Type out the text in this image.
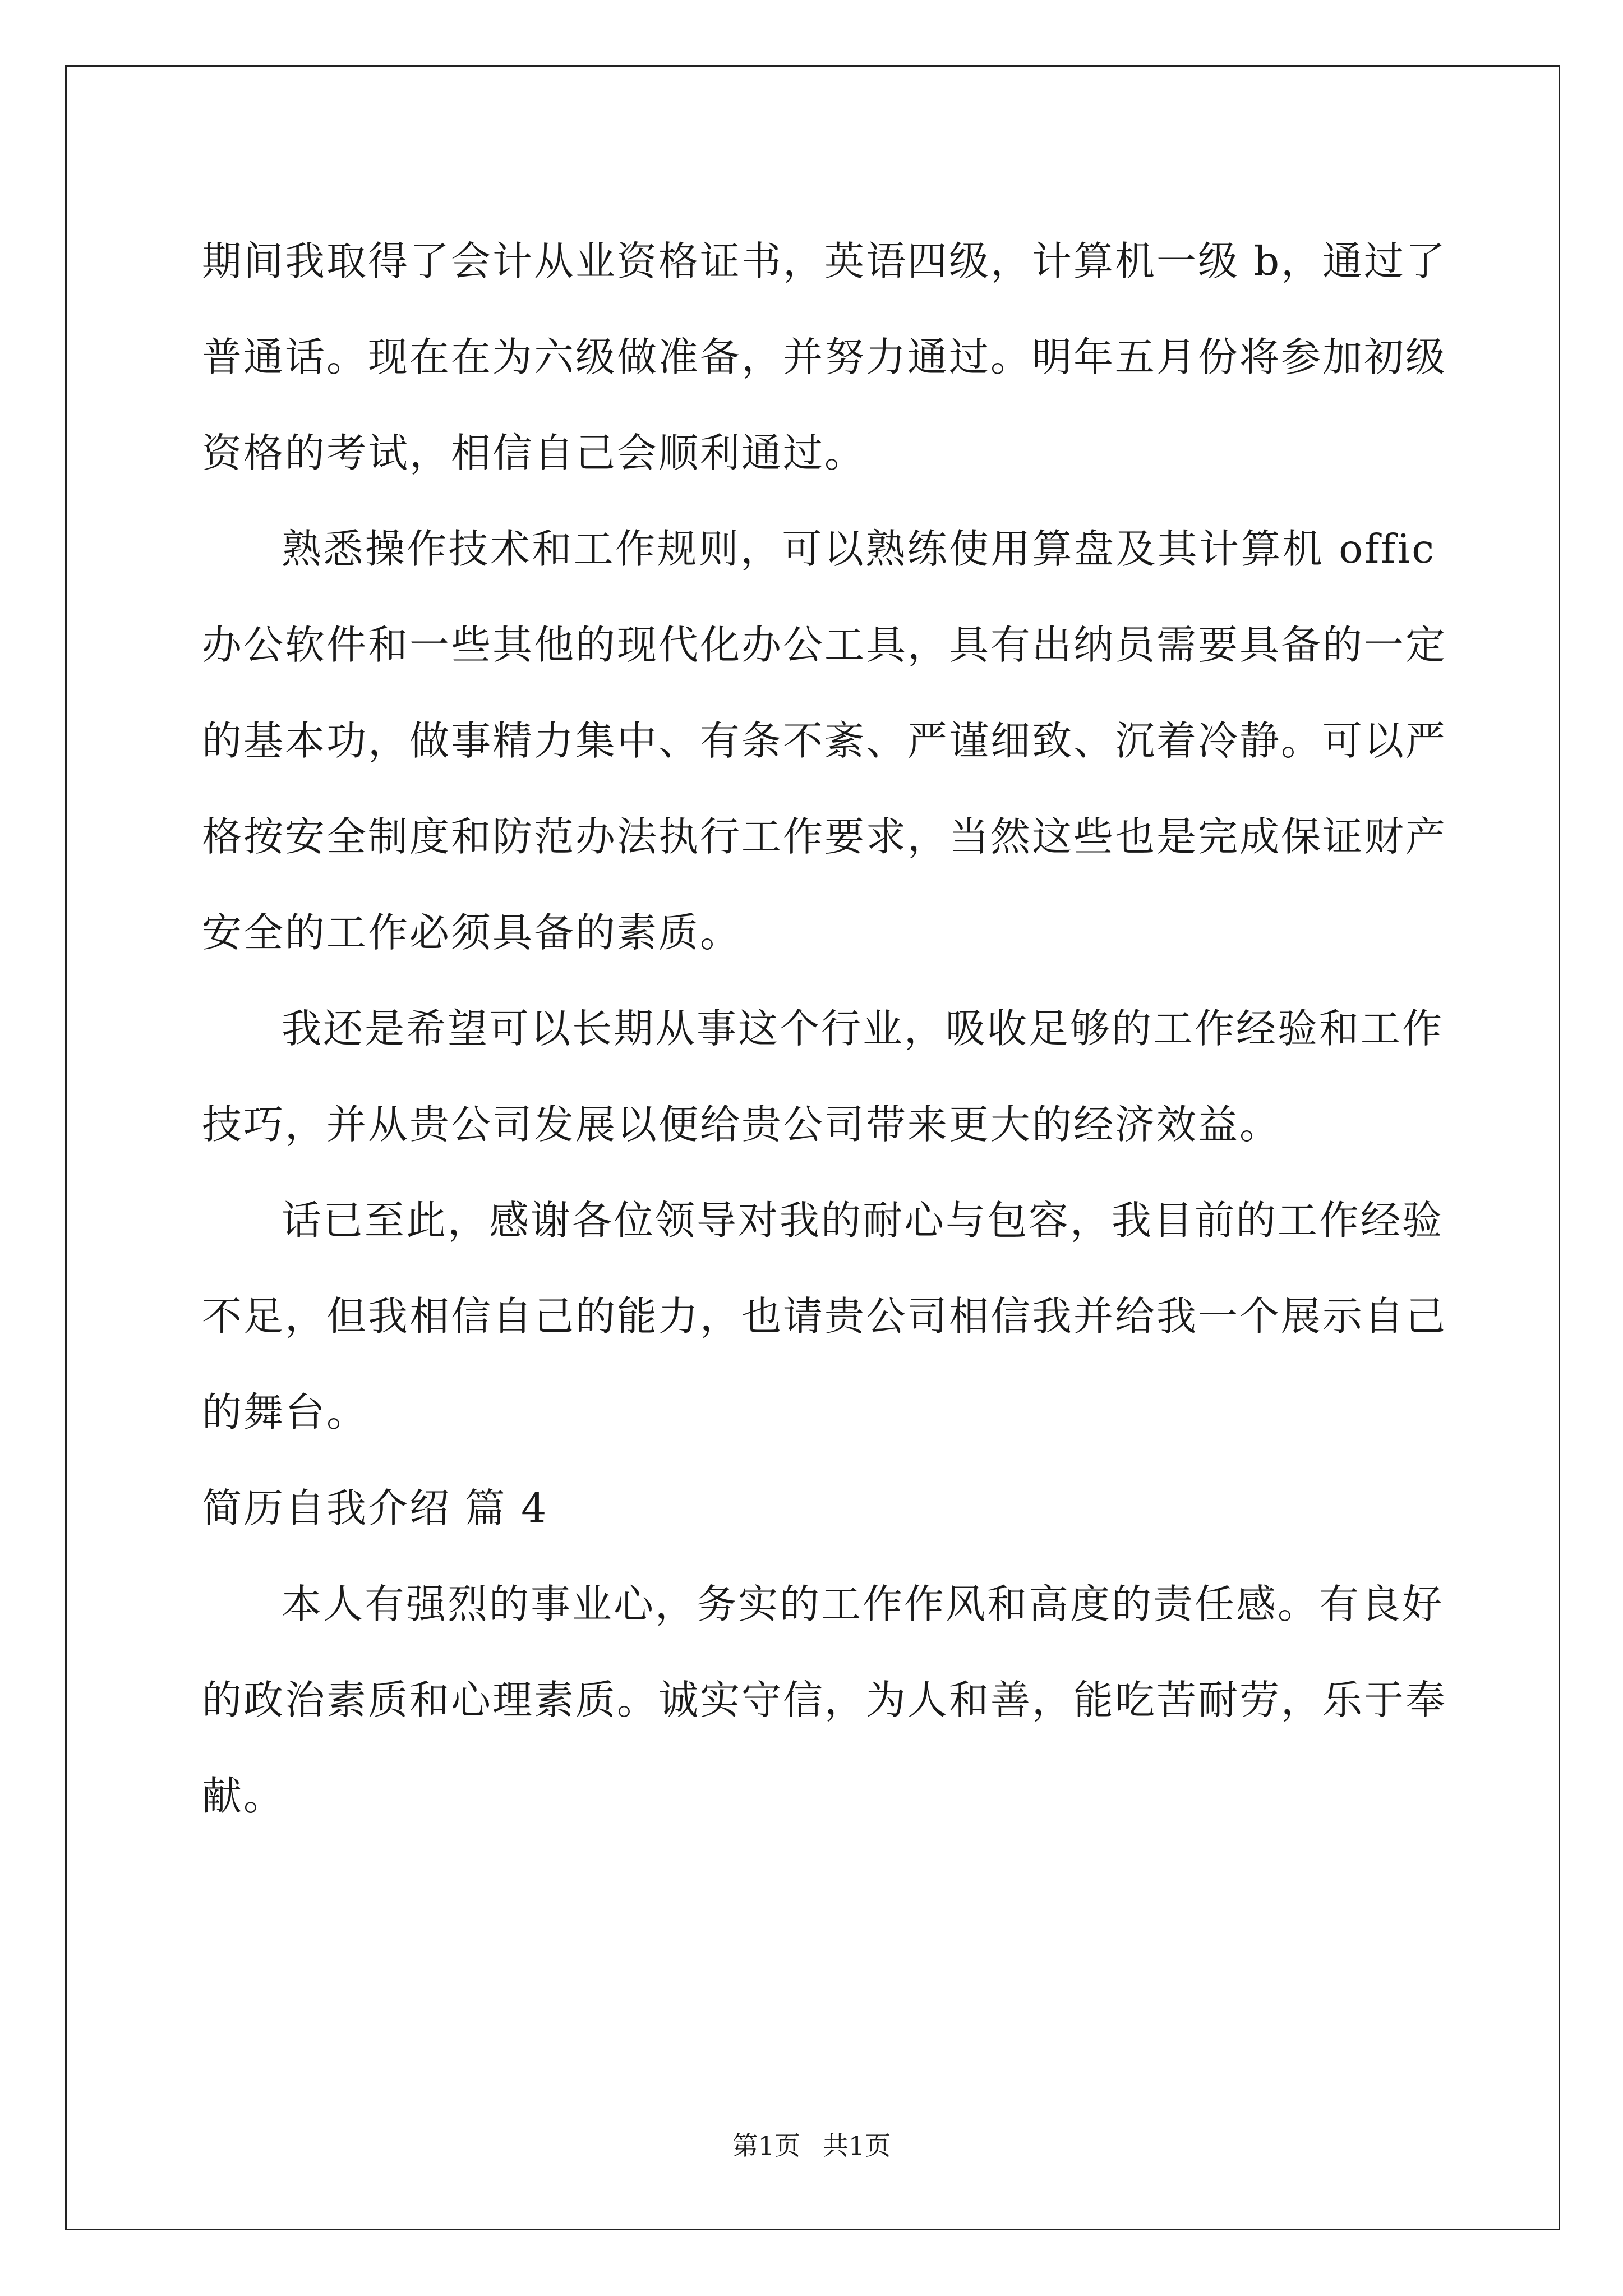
期间我取得了会计从业资格证书，英语四级，计算机一级 b，通过了
普通话。现在在为六级做准备，并努力通过。明年五月份将参加初级
资格的考试，相信自己会顺利通过。
熟悉操作技术和工作规则，可以熟练使用算盘及其计算机 offic
办公软件和一些其他的现代化办公工具，具有出纳员需要具备的一定
的基本功，做事精力集中、有条不紊、严谨细致、沉着冷静。可以严
格按安全制度和防范办法执行工作要求，当然这些也是完成保证财产
安全的工作必须具备的素质。
我还是希望可以长期从事这个行业，吸收足够的工作经验和工作
技巧，并从贵公司发展以便给贵公司带来更大的经济效益。
话已至此，感谢各位领导对我的耐心与包容，我目前的工作经验
不足，但我相信自己的能力，也请贵公司相信我并给我一个展示自己
的舞台。
简历自我介绍 篇 4
本人有强烈的事业心，务实的工作作风和高度的责任感。有良好
的政治素质和心理素质。诚实守信，为人和善，能吃苦耐劳，乐于奉
献。
第1页 共1页
